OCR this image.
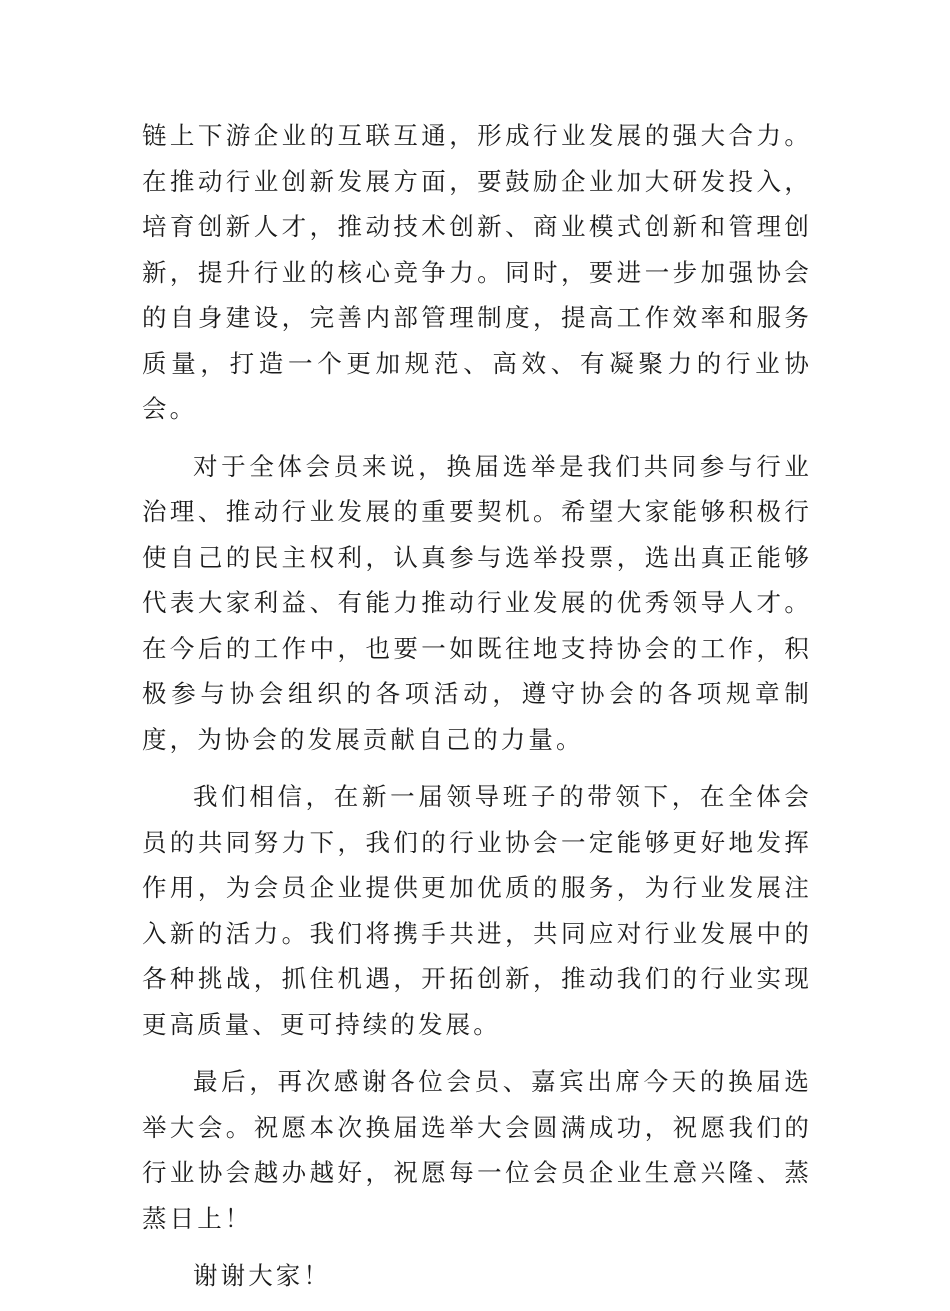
链上下游企业的互联互通，形成行业发展的强大合力。在推动行业创新发展方面，要鼓励企业加大研发投入，培育创新人才，推动技术创新、商业模式创新和管理创新，提升行业的核心竞争力。同时，要进一步加强协会的自身建设，完善内部管理制度，提高工作效率和服务质量，打造一个更加规范、高效、有凝聚力的行业协会。

对于全体会员来说，换届选举是我们共同参与行业治理、推动行业发展的重要契机。希望大家能够积极行使自己的民主权利，认真参与选举投票，选出真正能够代表大家利益、有能力推动行业发展的优秀领导人才。在今后的工作中，也要一如既往地支持协会的工作，积极参与协会组织的各项活动，遵守协会的各项规章制度，为协会的发展贡献自己的力量。

我们相信，在新一届领导班子的带领下，在全体会员的共同努力下，我们的行业协会一定能够更好地发挥作用，为会员企业提供更加优质的服务，为行业发展注入新的活力。我们将携手共进，共同应对行业发展中的各种挑战，抓住机遇，开拓创新，推动我们的行业实现更高质量、更可持续的发展。

最后，再次感谢各位会员、嘉宾出席今天的换届选举大会。祝愿本次换届选举大会圆满成功，祝愿我们的行业协会越办越好，祝愿每一位会员企业生意兴隆、蒸蒸日上！

谢谢大家！
